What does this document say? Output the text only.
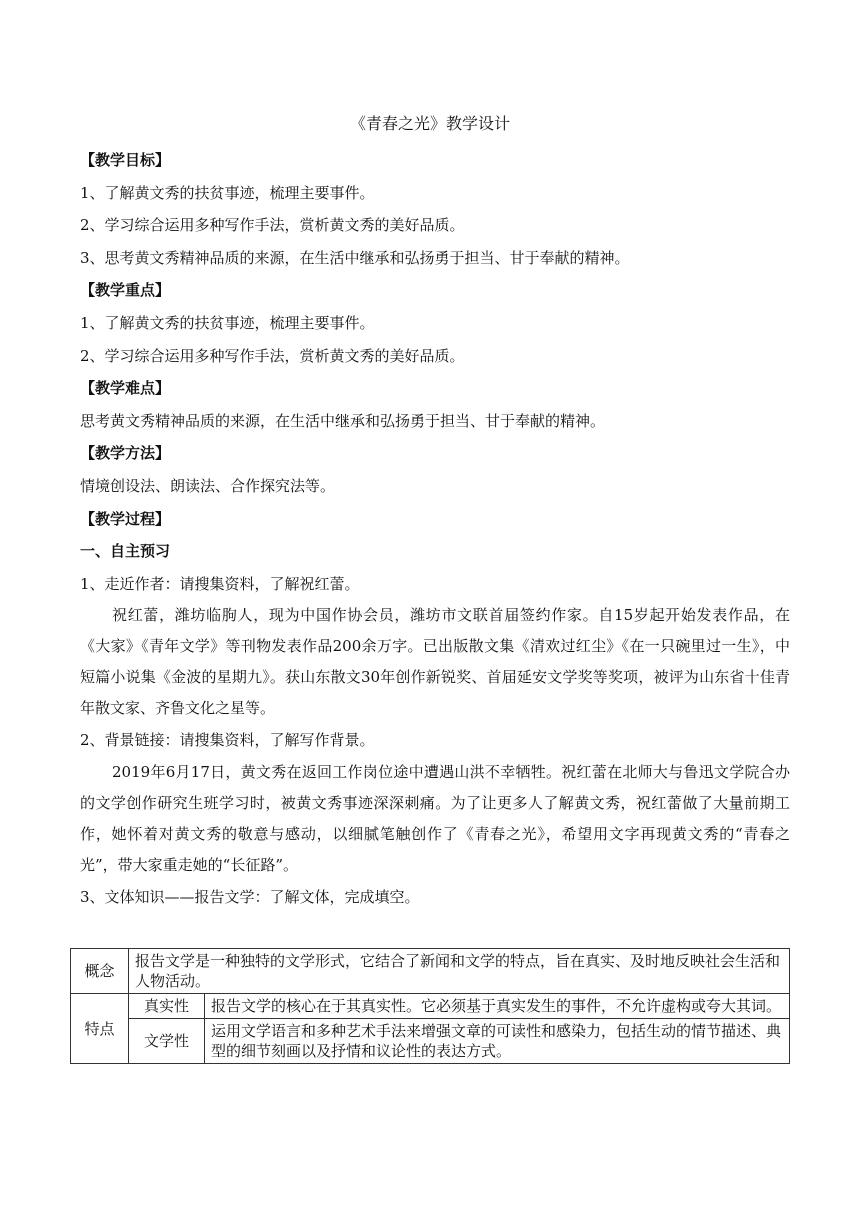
《青春之光》教学设计

【教学目标】

1、了解黄文秀的扶贫事迹，梳理主要事件。

2、学习综合运用多种写作手法，赏析黄文秀的美好品质。

3、思考黄文秀精神品质的来源，在生活中继承和弘扬勇于担当、甘于奉献的精神。

【教学重点】

1、了解黄文秀的扶贫事迹，梳理主要事件。

2、学习综合运用多种写作手法，赏析黄文秀的美好品质。

【教学难点】

思考黄文秀精神品质的来源，在生活中继承和弘扬勇于担当、甘于奉献的精神。

【教学方法】

情境创设法、朗读法、合作探究法等。

【教学过程】

一、自主预习

1、走近作者：请搜集资料，了解祝红蕾。

祝红蕾，潍坊临朐人，现为中国作协会员，潍坊市文联首届签约作家。自15岁起开始发表作品，在《大家》《青年文学》等刊物发表作品200余万字。已出版散文集《清欢过红尘》《在一只碗里过一生》，中短篇小说集《金波的星期九》。获山东散文30年创作新锐奖、首届延安文学奖等奖项，被评为山东省十佳青年散文家、齐鲁文化之星等。

2、背景链接：请搜集资料，了解写作背景。

2019年6月17日，黄文秀在返回工作岗位途中遭遇山洪不幸牺牲。祝红蕾在北师大与鲁迅文学院合办的文学创作研究生班学习时，被黄文秀事迹深深刺痛。为了让更多人了解黄文秀，祝红蕾做了大量前期工作，她怀着对黄文秀的敬意与感动，以细腻笔触创作了《青春之光》，希望用文字再现黄文秀的“青春之光”，带大家重走她的“长征路”。

3、文体知识——报告文学：了解文体，完成填空。

概念	报告文学是一种独特的文学形式，它结合了新闻和文学的特点，旨在真实、及时地反映社会生活和人物活动。	
特点	真实性	报告文学的核心在于其真实性。它必须基于真实发生的事件，不允许虚构或夸大其词。
	文学性	运用文学语言和多种艺术手法来增强文章的可读性和感染力，包括生动的情节描述、典型的细节刻画以及抒情和议论性的表达方式。
